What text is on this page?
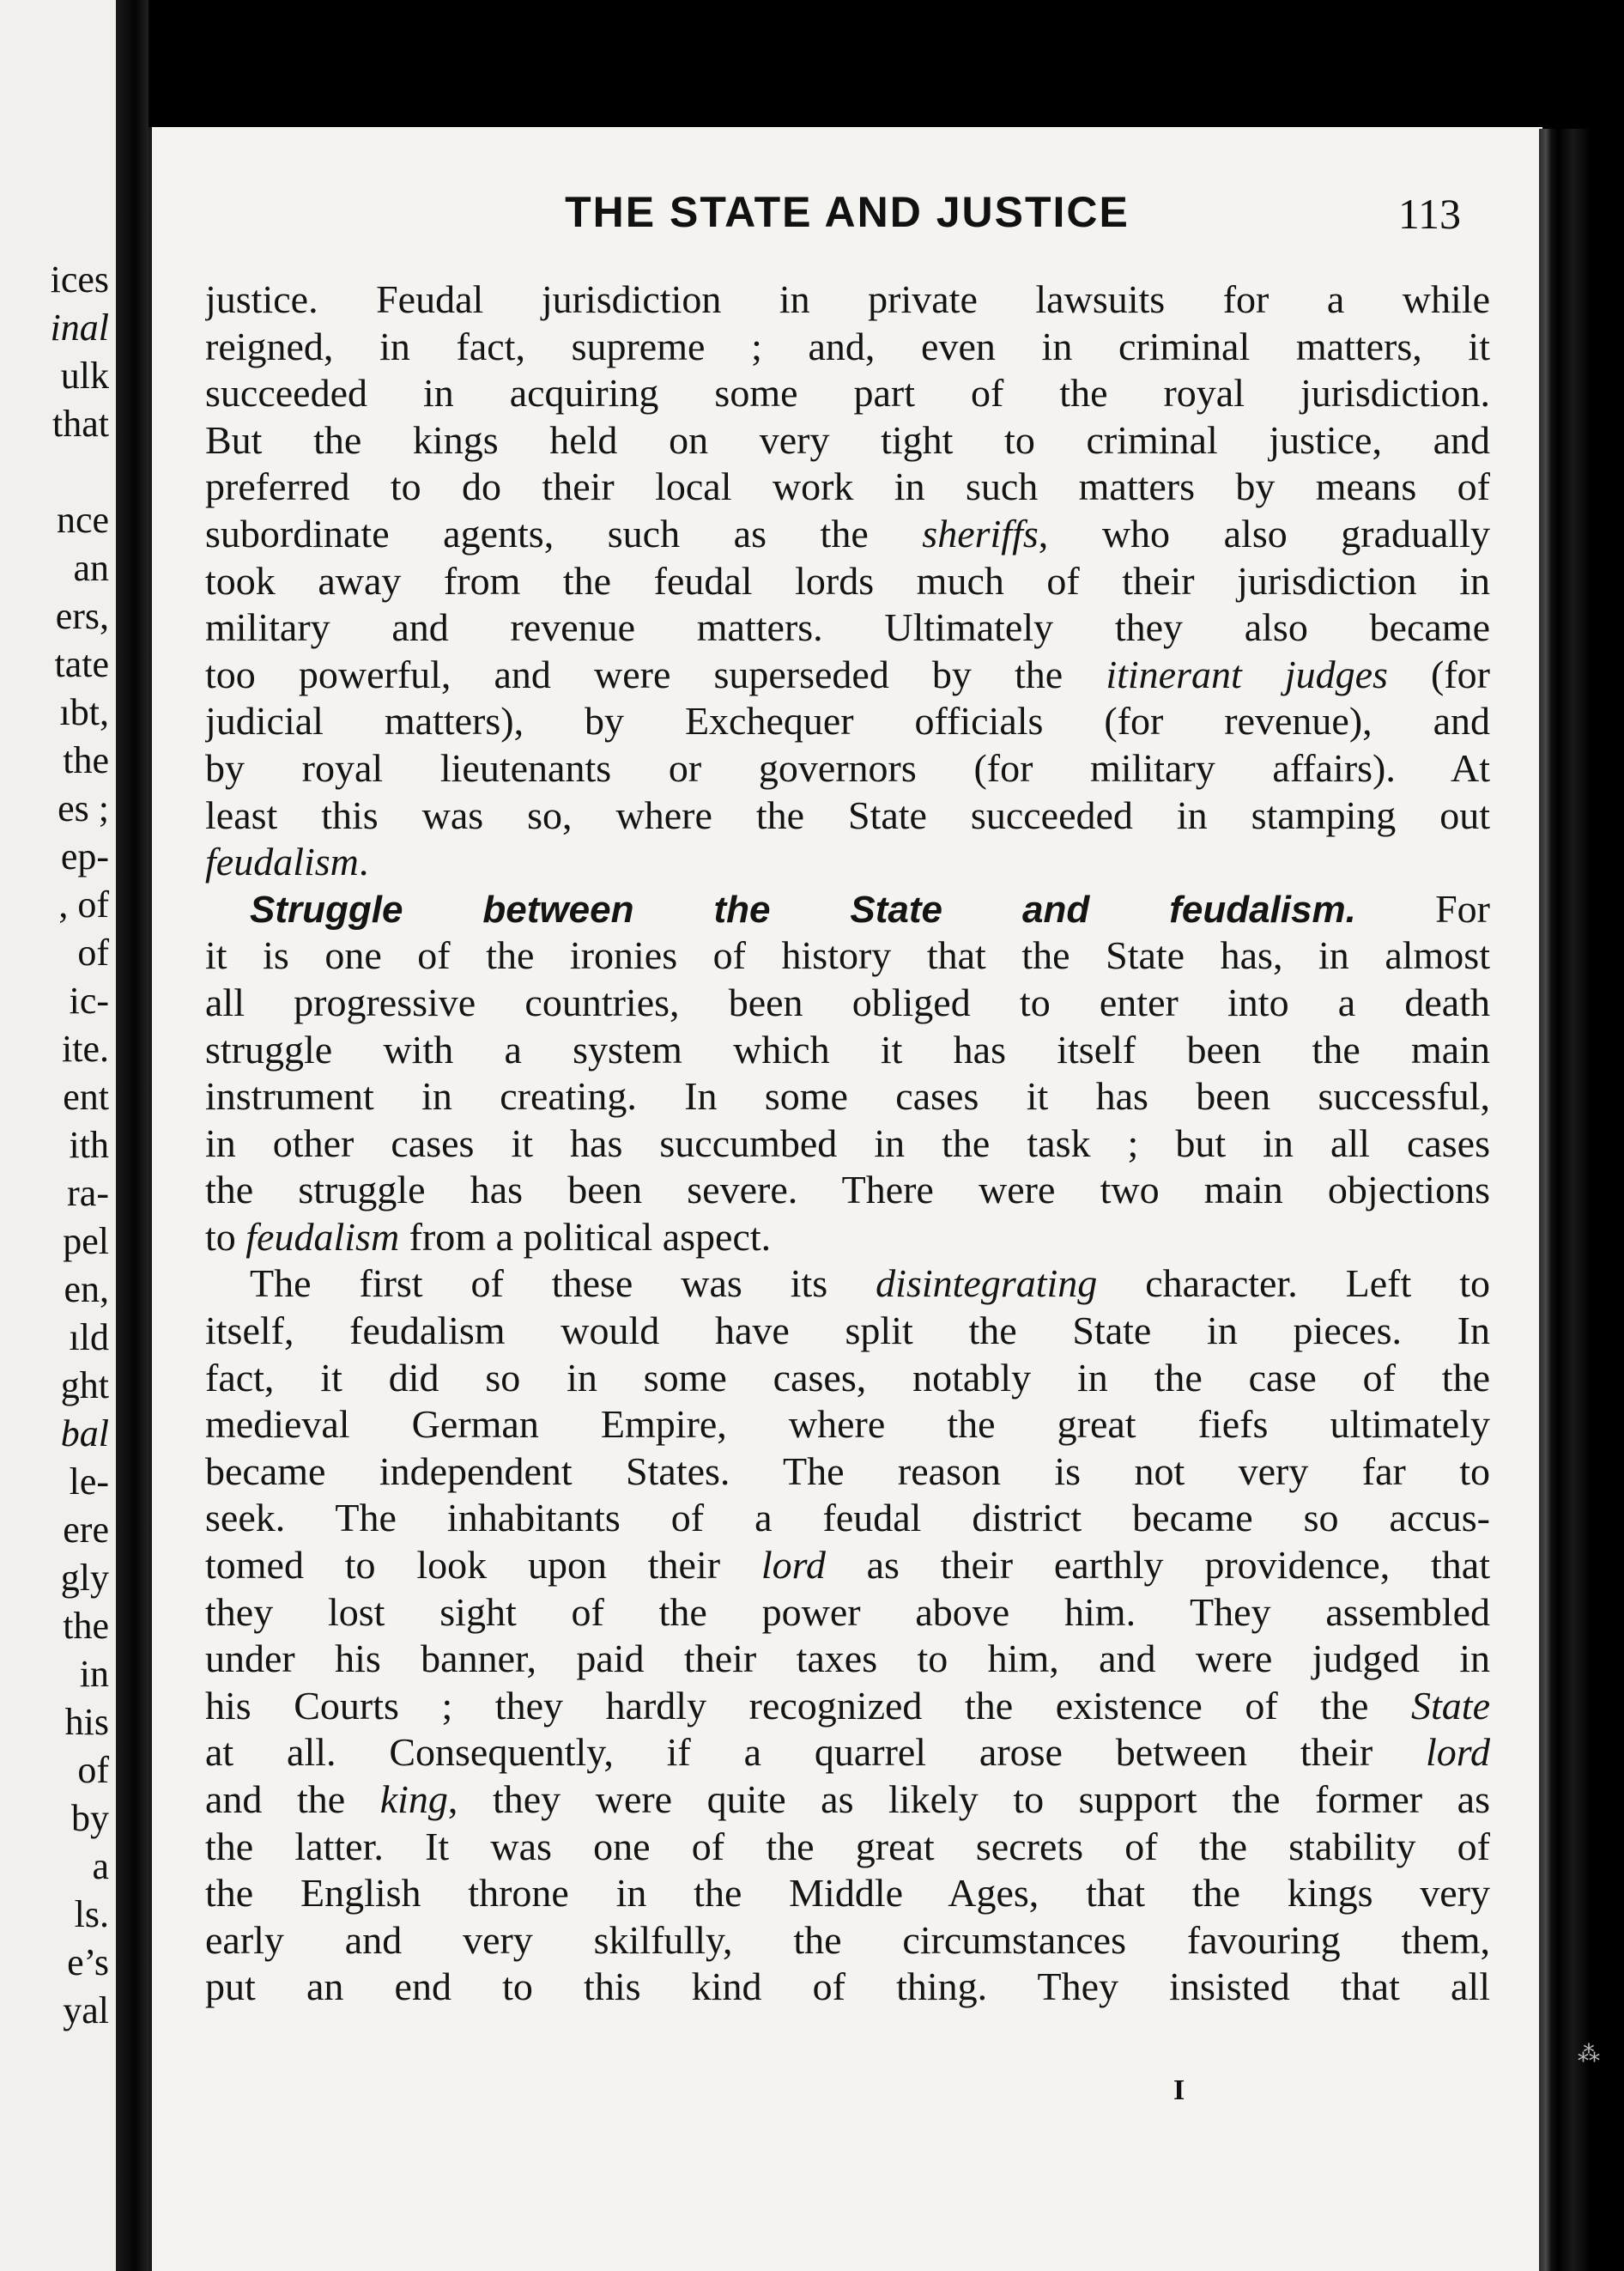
ices
inal
ulk
that
nce
an
ers,
tate
ıbt,
the
es ;
ep-
, of
of
ic-
ite.
ent
ith
ra-
pel
en,
ıld
ght
bal
le-
ere
gly
the
in
his
of
by
a
ls.
e’s
yal
THE STATE AND JUSTICE	113
justice. Feudal jurisdiction in private lawsuits for a while
reigned, in fact, supreme ; and, even in criminal matters, it
succeeded in acquiring some part of the royal jurisdiction.
But the kings held on very tight to criminal justice, and
preferred to do their local work in such matters by means of
subordinate agents, such as the sheriffs, who also gradually
took away from the feudal lords much of their jurisdiction in
military and revenue matters. Ultimately they also became
too powerful, and were superseded by the itinerant judges (for
judicial matters), by Exchequer officials (for revenue), and
by royal lieutenants or governors (for military affairs). At
least this was so, where the State succeeded in stamping out
feudalism.
Struggle between the State and feudalism. For
it is one of the ironies of history that the State has, in almost
all progressive countries, been obliged to enter into a death
struggle with a system which it has itself been the main
instrument in creating. In some cases it has been successful,
in other cases it has succumbed in the task ; but in all cases
the struggle has been severe. There were two main objections
to feudalism from a political aspect.
The first of these was its disintegrating character. Left to
itself, feudalism would have split the State in pieces. In
fact, it did so in some cases, notably in the case of the
medieval German Empire, where the great fiefs ultimately
became independent States. The reason is not very far to
seek. The inhabitants of a feudal district became so accus-
tomed to look upon their lord as their earthly providence, that
they lost sight of the power above him. They assembled
under his banner, paid their taxes to him, and were judged in
his Courts ; they hardly recognized the existence of the State
at all. Consequently, if a quarrel arose between their lord
and the king, they were quite as likely to support the former as
the latter. It was one of the great secrets of the stability of
the English throne in the Middle Ages, that the kings very
early and very skilfully, the circumstances favouring them,
put an end to this kind of thing. They insisted that all
I
⁂
